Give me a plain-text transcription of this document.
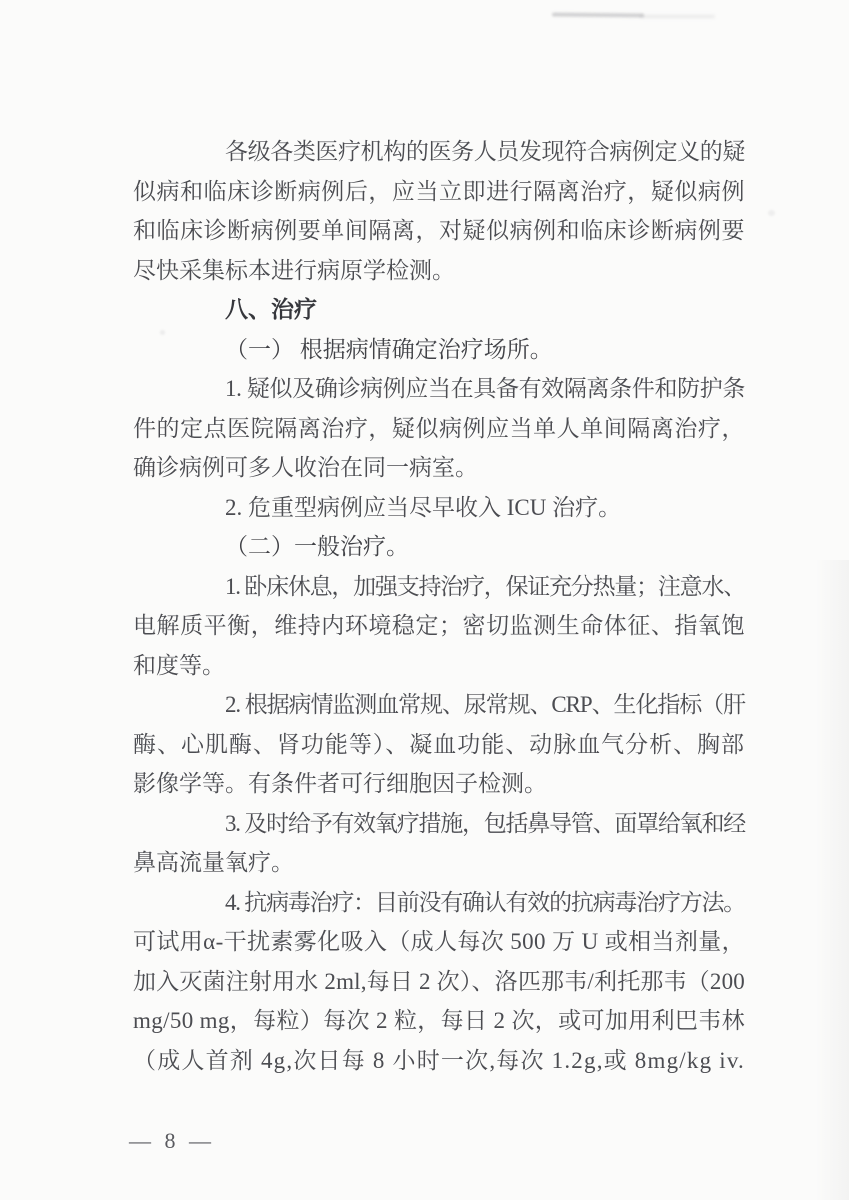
各级各类医疗机构的医务人员发现符合病例定义的疑
似病和临床诊断病例后，应当立即进行隔离治疗，疑似病例
和临床诊断病例要单间隔离，对疑似病例和临床诊断病例要
尽快采集标本进行病原学检测。
八、治疗
（一） 根据病情确定治疗场所。
1. 疑似及确诊病例应当在具备有效隔离条件和防护条
件的定点医院隔离治疗，疑似病例应当单人单间隔离治疗，
确诊病例可多人收治在同一病室。
2. 危重型病例应当尽早收入 ICU 治疗。
（二）一般治疗。
1. 卧床休息，加强支持治疗，保证充分热量；注意水、
电解质平衡，维持内环境稳定；密切监测生命体征、指氧饱
和度等。
2. 根据病情监测血常规、尿常规、CRP、生化指标（肝
酶、心肌酶、肾功能等）、凝血功能、动脉血气分析、胸部
影像学等。有条件者可行细胞因子检测。
3. 及时给予有效氧疗措施，包括鼻导管、面罩给氧和经
鼻高流量氧疗。
4. 抗病毒治疗：目前没有确认有效的抗病毒治疗方法。
可试用α-干扰素雾化吸入（成人每次 500 万 U 或相当剂量，
加入灭菌注射用水 2ml,每日 2 次）、洛匹那韦/利托那韦（200
mg/50 mg，每粒）每次 2 粒，每日 2 次，或可加用利巴韦林
（成人首剂 4g,次日每 8 小时一次,每次 1.2g,或 8mg/kg iv.
— 8 —
